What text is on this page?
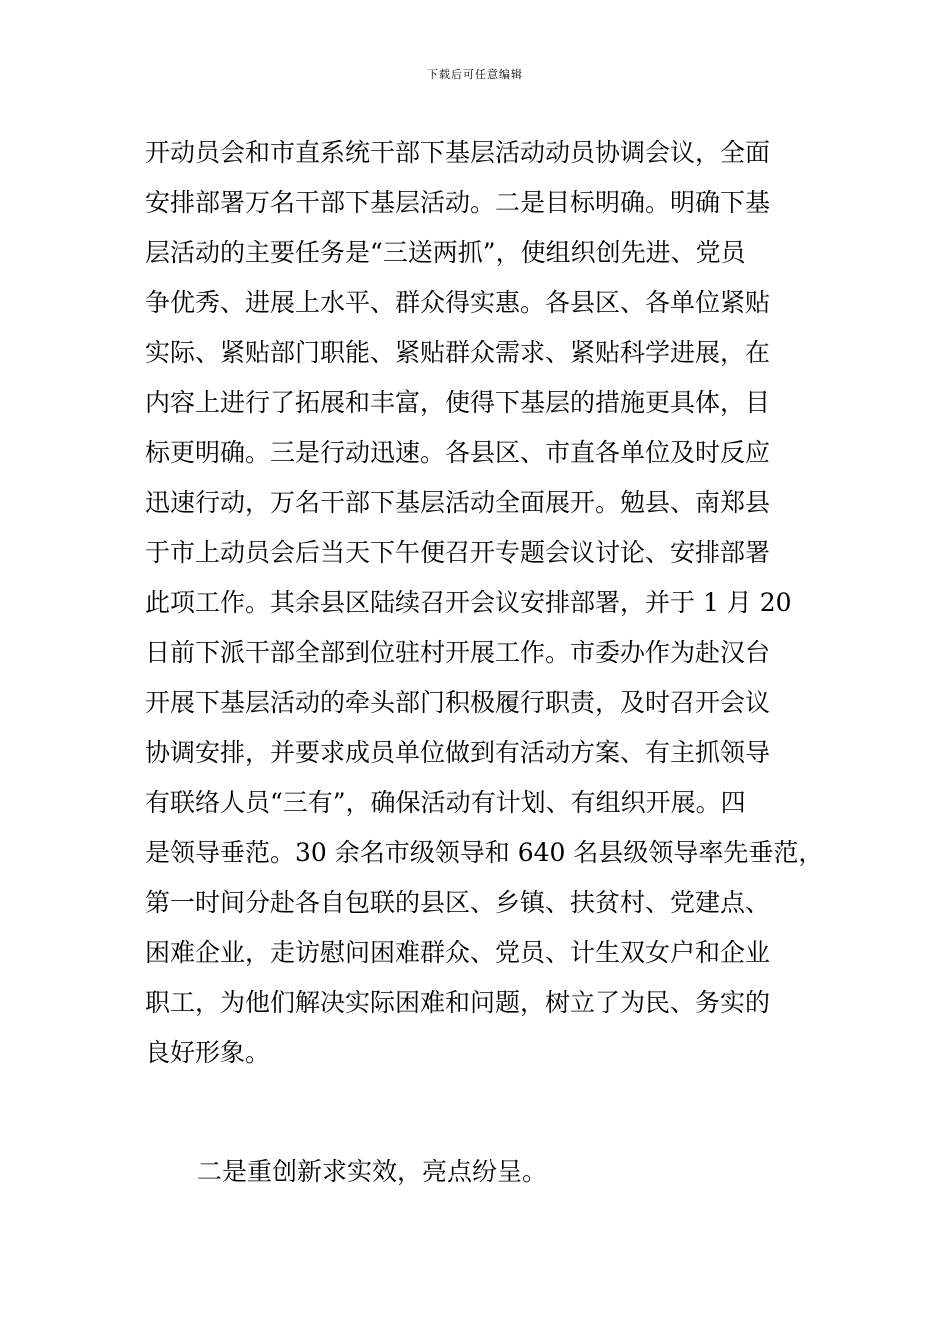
下载后可任意编辑
开动员会和市直系统干部下基层活动动员协调会议，全面
安排部署万名干部下基层活动。二是目标明确。明确下基
层活动的主要任务是“三送两抓”，使组织创先进、党员
争优秀、进展上水平、群众得实惠。各县区、各单位紧贴
实际、紧贴部门职能、紧贴群众需求、紧贴科学进展，在
内容上进行了拓展和丰富，使得下基层的措施更具体，目
标更明确。三是行动迅速。各县区、市直各单位及时反应
迅速行动，万名干部下基层活动全面展开。勉县、南郑县
于市上动员会后当天下午便召开专题会议讨论、安排部署
此项工作。其余县区陆续召开会议安排部署，并于 1 月 20
日前下派干部全部到位驻村开展工作。市委办作为赴汉台
开展下基层活动的牵头部门积极履行职责，及时召开会议
协调安排，并要求成员单位做到有活动方案、有主抓领导
有联络人员“三有”，确保活动有计划、有组织开展。四
是领导垂范。30 余名市级领导和 640 名县级领导率先垂范，
第一时间分赴各自包联的县区、乡镇、扶贫村、党建点、
困难企业，走访慰问困难群众、党员、计生双女户和企业
职工，为他们解决实际困难和问题，树立了为民、务实的
良好形象。
二是重创新求实效，亮点纷呈。
